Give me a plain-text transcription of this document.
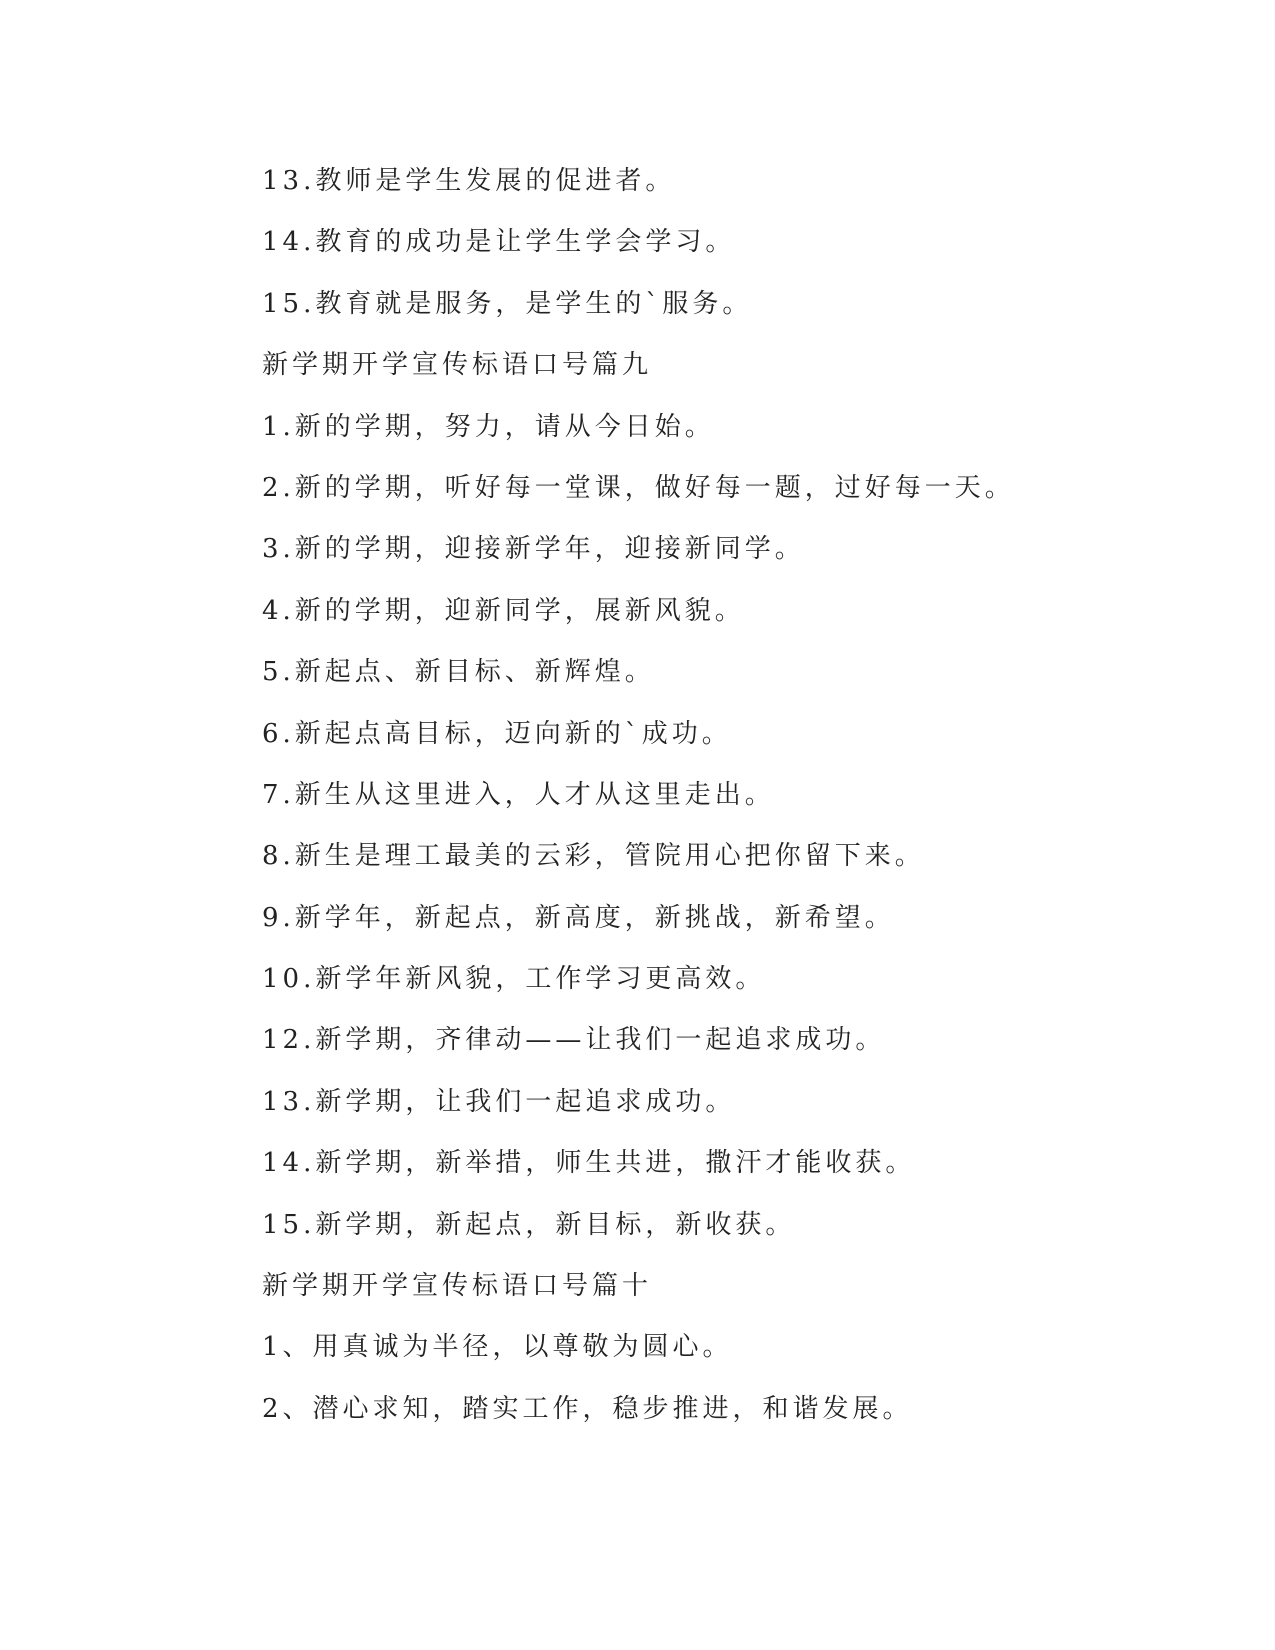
13.教师是学生发展的促进者。
14.教育的成功是让学生学会学习。
15.教育就是服务，是学生的`服务。
新学期开学宣传标语口号篇九
1.新的学期，努力，请从今日始。
2.新的学期，听好每一堂课，做好每一题，过好每一天。
3.新的学期，迎接新学年，迎接新同学。
4.新的学期，迎新同学，展新风貌。
5.新起点、新目标、新辉煌。
6.新起点高目标，迈向新的`成功。
7.新生从这里进入，人才从这里走出。
8.新生是理工最美的云彩，管院用心把你留下来。
9.新学年，新起点，新高度，新挑战，新希望。
10.新学年新风貌，工作学习更高效。
12.新学期，齐律动——让我们一起追求成功。
13.新学期，让我们一起追求成功。
14.新学期，新举措，师生共进，撒汗才能收获。
15.新学期，新起点，新目标，新收获。
新学期开学宣传标语口号篇十
1、用真诚为半径，以尊敬为圆心。
2、潜心求知，踏实工作，稳步推进，和谐发展。
